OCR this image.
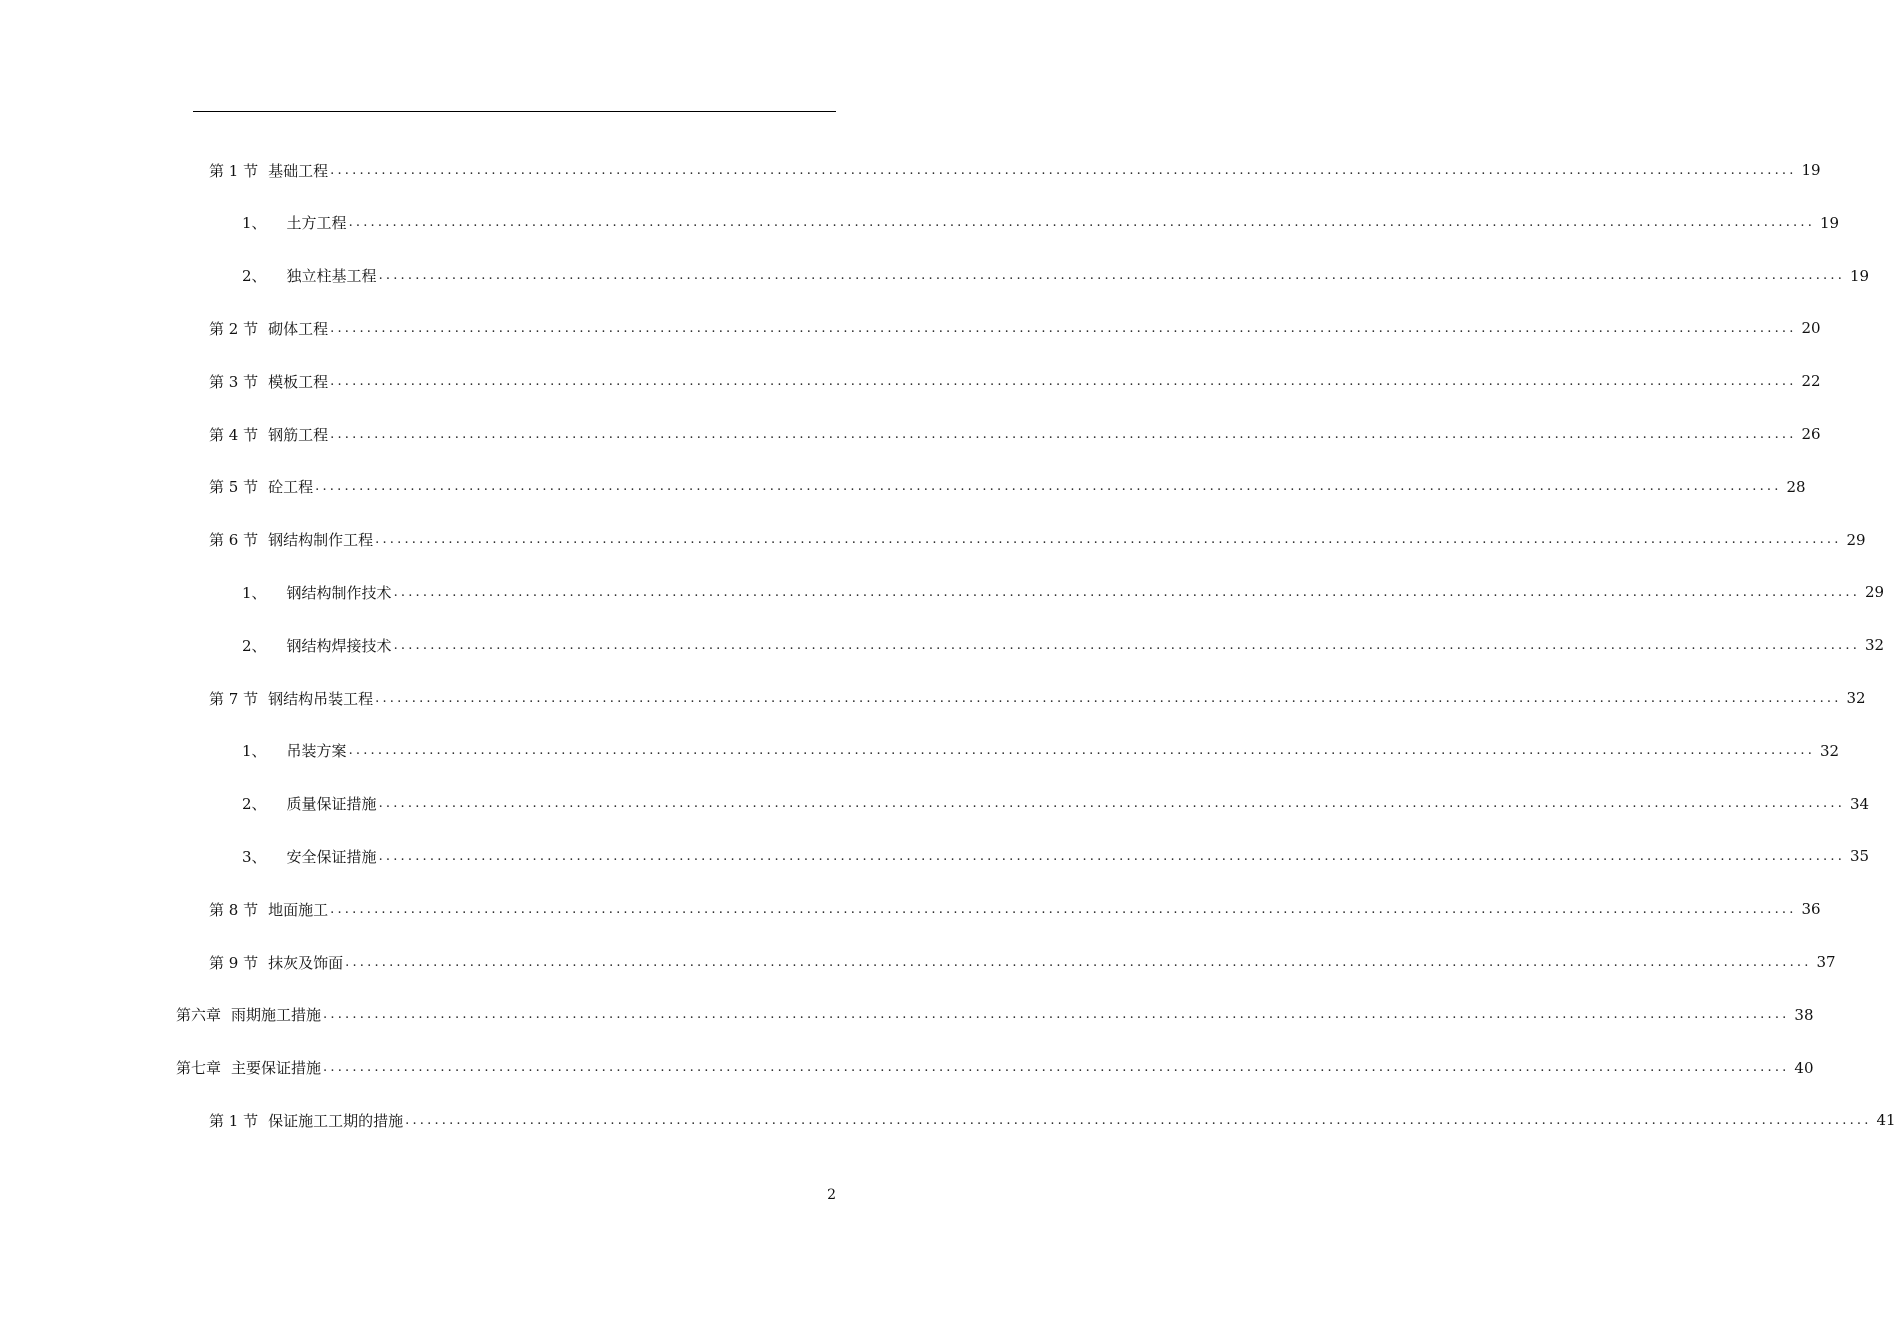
第 1 节 基础工程 ........................................................................................................................................................................................................ 19
1、 土方工程 ........................................................................................................................................................................................................ 19
2、 独立柱基工程 ........................................................................................................................................................................................................ 19
第 2 节 砌体工程 ........................................................................................................................................................................................................ 20
第 3 节 模板工程 ........................................................................................................................................................................................................ 22
第 4 节 钢筋工程 ........................................................................................................................................................................................................ 26
第 5 节 砼工程 ........................................................................................................................................................................................................ 28
第 6 节 钢结构制作工程 ........................................................................................................................................................................................................ 29
1、 钢结构制作技术 ........................................................................................................................................................................................................ 29
2、 钢结构焊接技术 ........................................................................................................................................................................................................ 32
第 7 节 钢结构吊装工程 ........................................................................................................................................................................................................ 32
1、 吊装方案 ........................................................................................................................................................................................................ 32
2、 质量保证措施 ........................................................................................................................................................................................................ 34
3、 安全保证措施 ........................................................................................................................................................................................................ 35
第 8 节 地面施工 ........................................................................................................................................................................................................ 36
第 9 节 抹灰及饰面 ........................................................................................................................................................................................................ 37
第六章 雨期施工措施 ........................................................................................................................................................................................................ 38
第七章 主要保证措施 ........................................................................................................................................................................................................ 40
第 1 节 保证施工工期的措施 ........................................................................................................................................................................................................ 41
2
